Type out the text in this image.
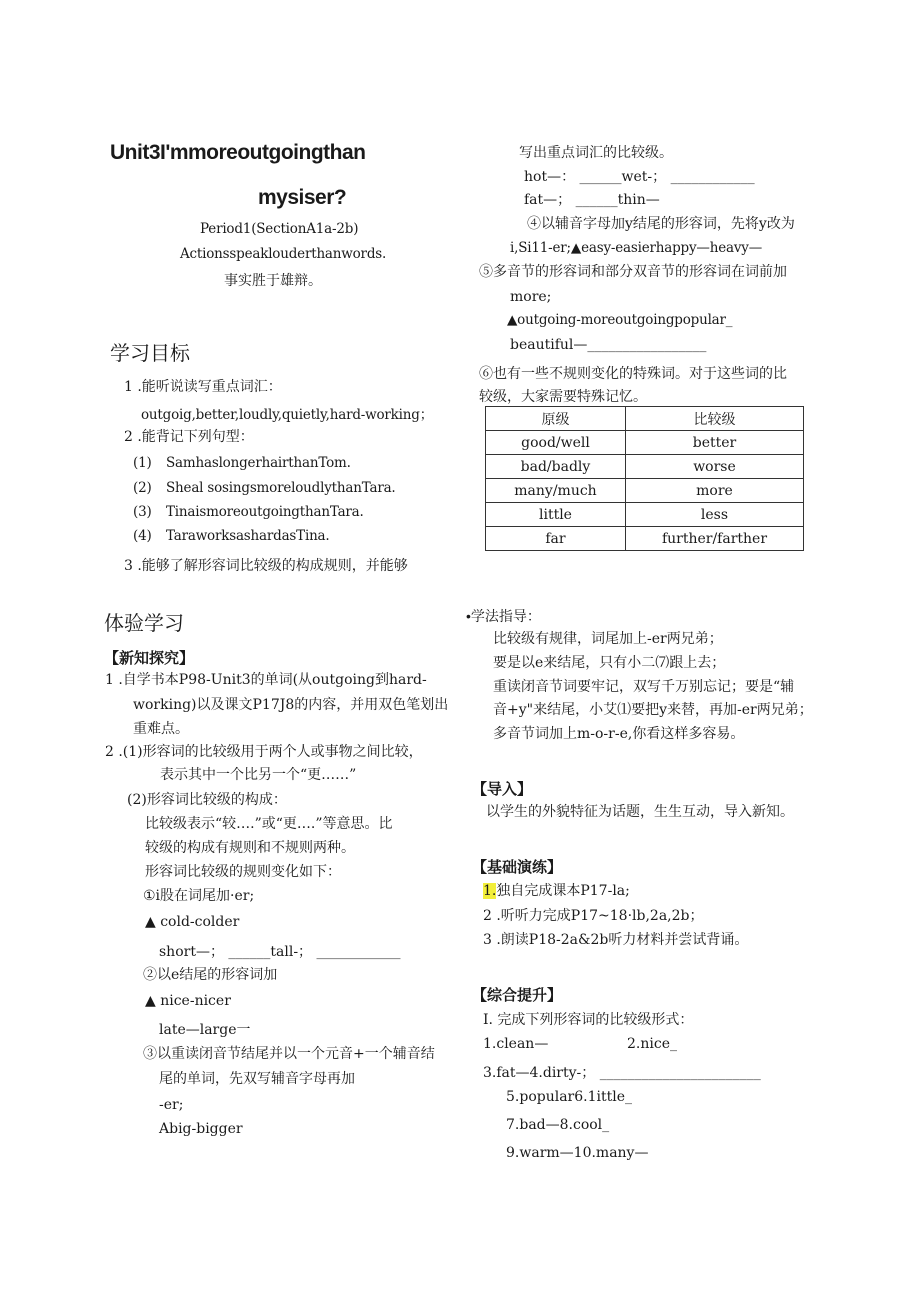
Unit3I'mmoreoutgoingthan
mysiser?
Period1(SectionA1a-2b)
Actionsspeaklouderthanwords.
事实胜于雄辩。
学习目标
1 .能听说读写重点词汇：
outgoig,better,loudly,quietly,hard-working；
2 .能背记下列句型：
(1) SamhaslongerhairthanTom.
(2) Sheal sosingsmoreloudlythanTara.
(3) TinaismoreoutgoingthanTara.
(4) TaraworksashardasTina.
3 .能够了解形容词比较级的构成规则，并能够
体验学习
【新知探究】
1 .自学书本P98-Unit3的单词(从outgoing到hard-
working)以及课文P17J8的内容，并用双色笔划出
重难点。
2 .(1)形容词的比较级用于两个人或事物之间比较，
表示其中一个比另一个“更……”
(2)形容词比较级的构成：
比较级表示“较….”或“更….”等意思。比
较级的构成有规则和不规则两种。
形容词比较级的规则变化如下：
①i股在词尾加·er;
▲ cold-colder
short—； ______tall-； ____________
②以e结尾的形容词加
▲ nice-nicer
late—large一
③以重读闭音节结尾并以一个元音+一个辅音结
尾的单词，先双写辅音字母再加
-er;
Abig-bigger
写出重点词汇的比较级。
hot—： ______wet-； ____________
fat—； ______thin—
④以辅音字母加y结尾的形容词，先将y改为
i,Si11-er;▲easy-easierhappy—heavy—
⑤多音节的形容词和部分双音节的形容词在词前加
more;
▲outgoing-moreoutgoingpopular_
beautiful—_________________
⑥也有一些不规则变化的特殊词。对于这些词的比
较级，大家需要特殊记忆。
原级	比较级
good/well	better
bad/badly	worse
many/much	more
little	less
far	further/farther
•学法指导：
比较级有规律，词尾加上-er两兄弟；
要是以e来结尾，只有小二⑺跟上去；
重读闭音节词要牢记，双写千万别忘记；要是“辅
音+y"来结尾，小艾⑴要把y来替，再加-er两兄弟；
多音节词加上m-o-r-e,你看这样多容易。
【导入】
以学生的外貌特征为话题，生生互动，导入新知。
【基础演练】
1.独自完成课本P17-la;
2 .听听力完成P17~18·lb,2a,2b；
3 .朗读P18-2a&2b听力材料并尝试背诵。
【综合提升】
I. 完成下列形容词的比较级形式：
1.clean—	2.nice_
3.fat—4.dirty-； _______________________
5.popular6.1ittle_
7.bad—8.cool_
9.warm—10.many—
